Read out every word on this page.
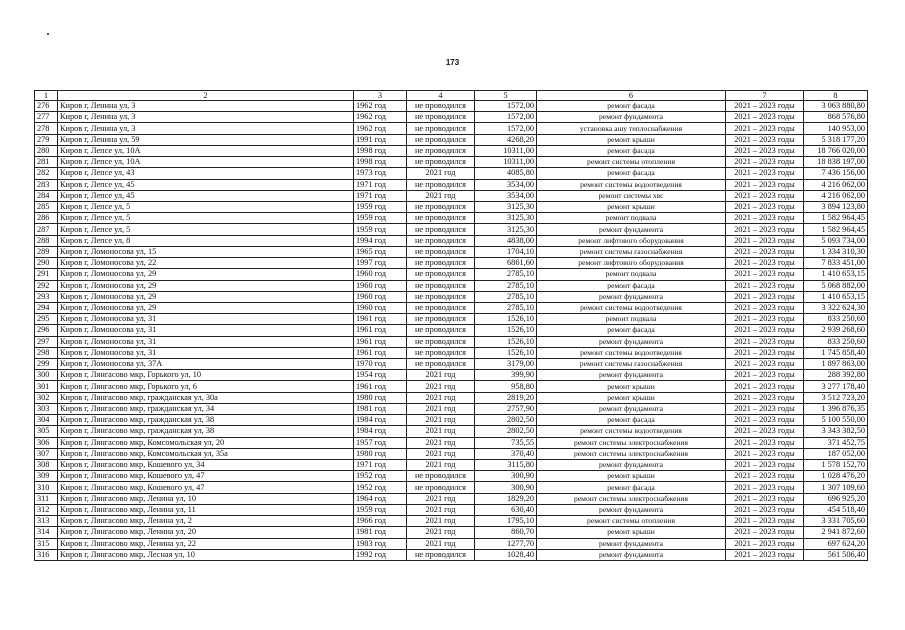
173
1	2	3	4	5	6	7	8
276	Киров г, Ленина ул, 3	1962 год	не проводился	1572,00	ремонт фасада	2021 – 2023 годы	3 063 880,80
277	Киров г, Ленина ул, 3	1962 год	не проводился	1572,00	ремонт фундамента	2021 – 2023 годы	868 576,80
278	Киров г, Ленина ул, 3	1962 год	не проводился	1572,00	установка ашу теплоснабжения	2021 – 2023 годы	140 953,00
279	Киров г, Ленина ул, 59	1991 год	не проводился	4268,20	ремонт крыши	2021 – 2023 годы	5 318 177,20
280	Киров г, Лепсе ул, 10А	1998 год	не проводился	10311,00	ремонт фасада	2021 – 2023 годы	18 766 020,00
281	Киров г, Лепсе ул, 10А	1998 год	не проводился	10311,00	ремонт системы отопления	2021 – 2023 годы	18 838 197,00
282	Киров г, Лепсе ул, 43	1973 год	2021 год	4085,80	ремонт фасада	2021 – 2023 годы	7 436 156,00
283	Киров г, Лепсе ул, 45	1971 год	не проводился	3534,00	ремонт системы водоотведения	2021 – 2023 годы	4 216 062,00
284	Киров г, Лепсе ул, 45	1971 год	2021 год	3534,00	ремонт системы хвс	2021 – 2023 годы	4 216 062,00
285	Киров г, Лепсе ул, 5	1959 год	не проводился	3125,30	ремонт крыши	2021 – 2023 годы	3 894 123,80
286	Киров г, Лепсе ул, 5	1959 год	не проводился	3125,30	ремонт подвала	2021 – 2023 годы	1 582 964,45
287	Киров г, Лепсе ул, 5	1959 год	не проводился	3125,30	ремонт фундамента	2021 – 2023 годы	1 582 964,45
288	Киров г, Лепсе ул, 8	1994 год	не проводился	4838,00	ремонт лифтового оборудования	2021 – 2023 годы	5 093 734,00
289	Киров г, Ломоносова ул, 15	1965 год	не проводился	1704,10	ремонт системы газоснабжения	2021 – 2023 годы	1 334 310,30
290	Киров г, Ломоносова ул, 22	1997 год	не проводился	6861,60	ремонт лифтового оборудования	2021 – 2023 годы	7 833 451,00
291	Киров г, Ломоносова ул, 29	1960 год	не проводился	2785,10	ремонт подвала	2021 – 2023 годы	1 410 653,15
292	Киров г, Ломоносова ул, 29	1960 год	не проводился	2785,10	ремонт фасада	2021 – 2023 годы	5 068 882,00
293	Киров г, Ломоносова ул, 29	1960 год	не проводился	2785,10	ремонт фундамента	2021 – 2023 годы	1 410 653,15
294	Киров г, Ломоносова ул, 29	1960 год	не проводился	2785,10	ремонт системы водоотведения	2021 – 2023 годы	3 322 624,30
295	Киров г, Ломоносова ул, 31	1961 год	не проводился	1526,10	ремонт подвала	2021 – 2023 годы	833 250,60
296	Киров г, Ломоносова ул, 31	1961 год	не проводился	1526,10	ремонт фасада	2021 – 2023 годы	2 939 268,60
297	Киров г, Ломоносова ул, 31	1961 год	не проводился	1526,10	ремонт фундамента	2021 – 2023 годы	833 250,60
298	Киров г, Ломоносова ул, 31	1961 год	не проводился	1526,10	ремонт системы водоотведения	2021 – 2023 годы	1 745 858,40
299	Киров г, Ломоносова ул, 37А	1970 год	не проводился	3179,00	ремонт системы газоснабжения	2021 – 2023 годы	1 897 863,00
300	Киров г, Лянгасово мкр, Горького ул, 10	1954 год	2021 год	399,90	ремонт фундамента	2021 – 2023 годы	288 392,80
301	Киров г, Лянгасово мкр, Горького ул, 6	1961 год	2021 год	958,80	ремонт крыши	2021 – 2023 годы	3 277 178,40
302	Киров г, Лянгасово мкр, гражданская ул, 30а	1980 год	2021 год	2819,20	ремонт крыши	2021 – 2023 годы	3 512 723,20
303	Киров г, Лянгасово мкр, гражданская ул, 34	1981 год	2021 год	2757,90	ремонт фундамента	2021 – 2023 годы	1 396 876,35
304	Киров г, Лянгасово мкр, гражданская ул, 38	1984 год	2021 год	2802,50	ремонт фасада	2021 – 2023 годы	5 100 550,00
305	Киров г, Лянгасово мкр, гражданская ул, 38	1984 год	2021 год	2802,50	ремонт системы водоотведения	2021 – 2023 годы	3 343 382,50
306	Киров г, Лянгасово мкр, Комсомольская ул, 20	1957 год	2021 год	735,55	ремонт системы электроснабжения	2021 – 2023 годы	371 452,75
307	Киров г, Лянгасово мкр, Комсомольская ул, 35а	1980 год	2021 год	370,40	ремонт системы электроснабжения	2021 – 2023 годы	187 052,00
308	Киров г, Лянгасово мкр, Кошевого ул, 34	1971 год	2021 год	3115,80	ремонт фундамента	2021 – 2023 годы	1 578 152,70
309	Киров г, Лянгасово мкр, Кошевого ул, 47	1952 год	не проводился	300,90	ремонт крыши	2021 – 2023 годы	1 028 476,20
310	Киров г, Лянгасово мкр, Кошевого ул, 47	1952 год	не проводился	300,90	ремонт фасада	2021 – 2023 годы	1 307 109,60
311	Киров г, Лянгасово мкр, Ленина ул, 10	1964 год	2021 год	1829,20	ремонт системы электроснабжения	2021 – 2023 годы	696 925,20
312	Киров г, Лянгасово мкр, Ленина ул, 11	1959 год	2021 год	630,40	ремонт фундамента	2021 – 2023 годы	454 518,40
313	Киров г, Лянгасово мкр, Ленина ул, 2	1966 год	2021 год	1795,10	ремонт системы отопления	2021 – 2023 годы	3 331 705,60
314	Киров г, Лянгасово мкр, Ленина ул, 20	1981 год	2021 год	860,70	ремонт крыши	2021 – 2023 годы	2 941 872,60
315	Киров г, Лянгасово мкр, Ленина ул, 22	1983 год	2021 год	1277,70	ремонт фундамента	2021 – 2023 годы	697 624,20
316	Киров г, Лянгасово мкр, Лесная ул, 10	1992 год	не проводился	1028,40	ремонт фундамента	2021 – 2023 годы	561 506,40
